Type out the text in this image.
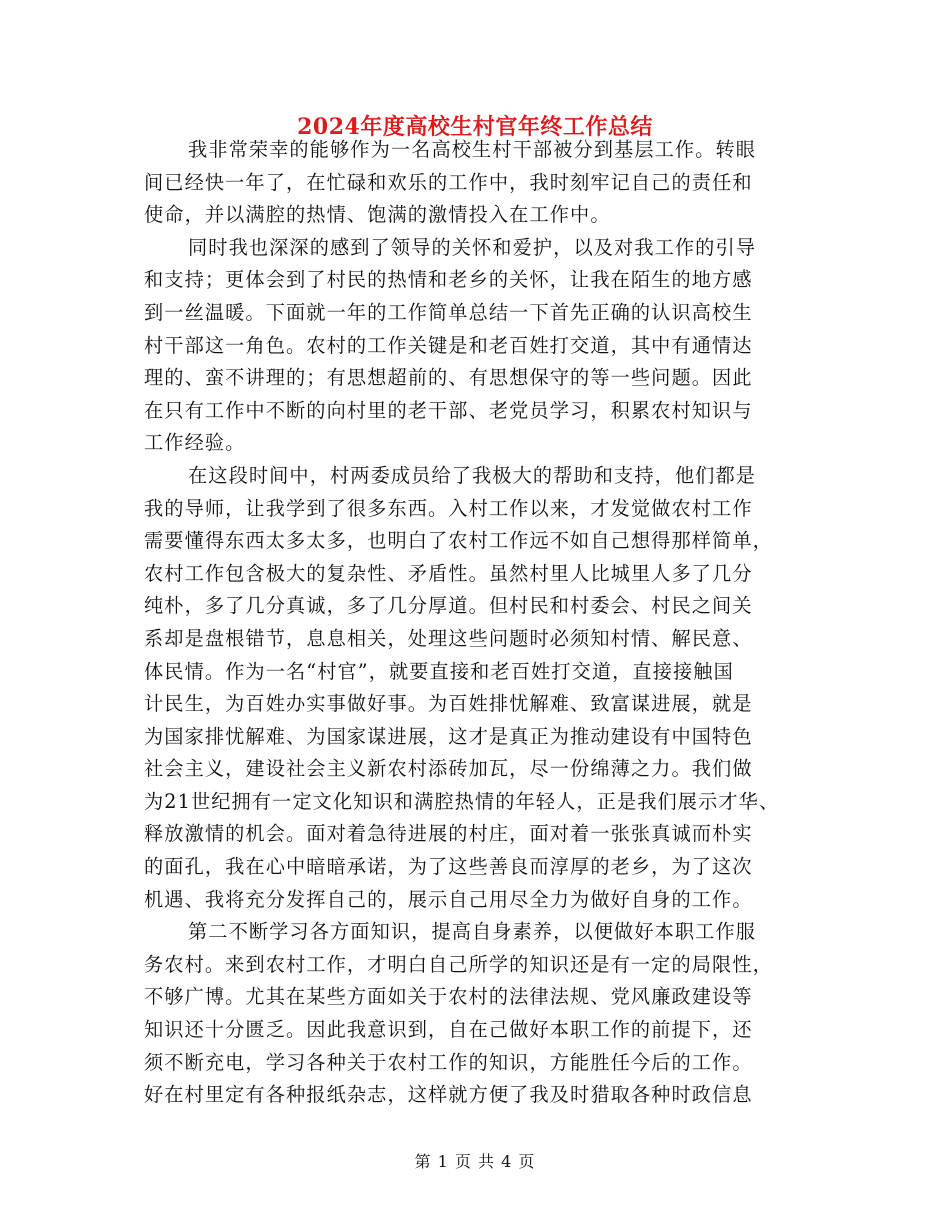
2024年度高校生村官年终工作总结
我非常荣幸的能够作为一名高校生村干部被分到基层工作。转眼
间已经快一年了，在忙碌和欢乐的工作中，我时刻牢记自己的责任和
使命，并以满腔的热情、饱满的激情投入在工作中。
同时我也深深的感到了领导的关怀和爱护，以及对我工作的引导
和支持；更体会到了村民的热情和老乡的关怀，让我在陌生的地方感
到一丝温暖。下面就一年的工作简单总结一下首先正确的认识高校生
村干部这一角色。农村的工作关键是和老百姓打交道，其中有通情达
理的、蛮不讲理的；有思想超前的、有思想保守的等一些问题。因此
在只有工作中不断的向村里的老干部、老党员学习，积累农村知识与
工作经验。
在这段时间中，村两委成员给了我极大的帮助和支持，他们都是
我的导师，让我学到了很多东西。入村工作以来，才发觉做农村工作
需要懂得东西太多太多，也明白了农村工作远不如自己想得那样简单，
农村工作包含极大的复杂性、矛盾性。虽然村里人比城里人多了几分
纯朴，多了几分真诚，多了几分厚道。但村民和村委会、村民之间关
系却是盘根错节，息息相关，处理这些问题时必须知村情、解民意、
体民情。作为一名“村官”，就要直接和老百姓打交道，直接接触国
计民生，为百姓办实事做好事。为百姓排忧解难、致富谋进展，就是
为国家排忧解难、为国家谋进展，这才是真正为推动建设有中国特色
社会主义，建设社会主义新农村添砖加瓦，尽一份绵薄之力。我们做
为21世纪拥有一定文化知识和满腔热情的年轻人，正是我们展示才华、
释放激情的机会。面对着急待进展的村庄，面对着一张张真诚而朴实
的面孔，我在心中暗暗承诺，为了这些善良而淳厚的老乡，为了这次
机遇、我将充分发挥自己的，展示自己用尽全力为做好自身的工作。
第二不断学习各方面知识，提高自身素养，以便做好本职工作服
务农村。来到农村工作，才明白自己所学的知识还是有一定的局限性，
不够广博。尤其在某些方面如关于农村的法律法规、党风廉政建设等
知识还十分匮乏。因此我意识到，自在己做好本职工作的前提下，还
须不断充电，学习各种关于农村工作的知识，方能胜任今后的工作。
好在村里定有各种报纸杂志，这样就方便了我及时猎取各种时政信息
第 1 页 共 4 页
